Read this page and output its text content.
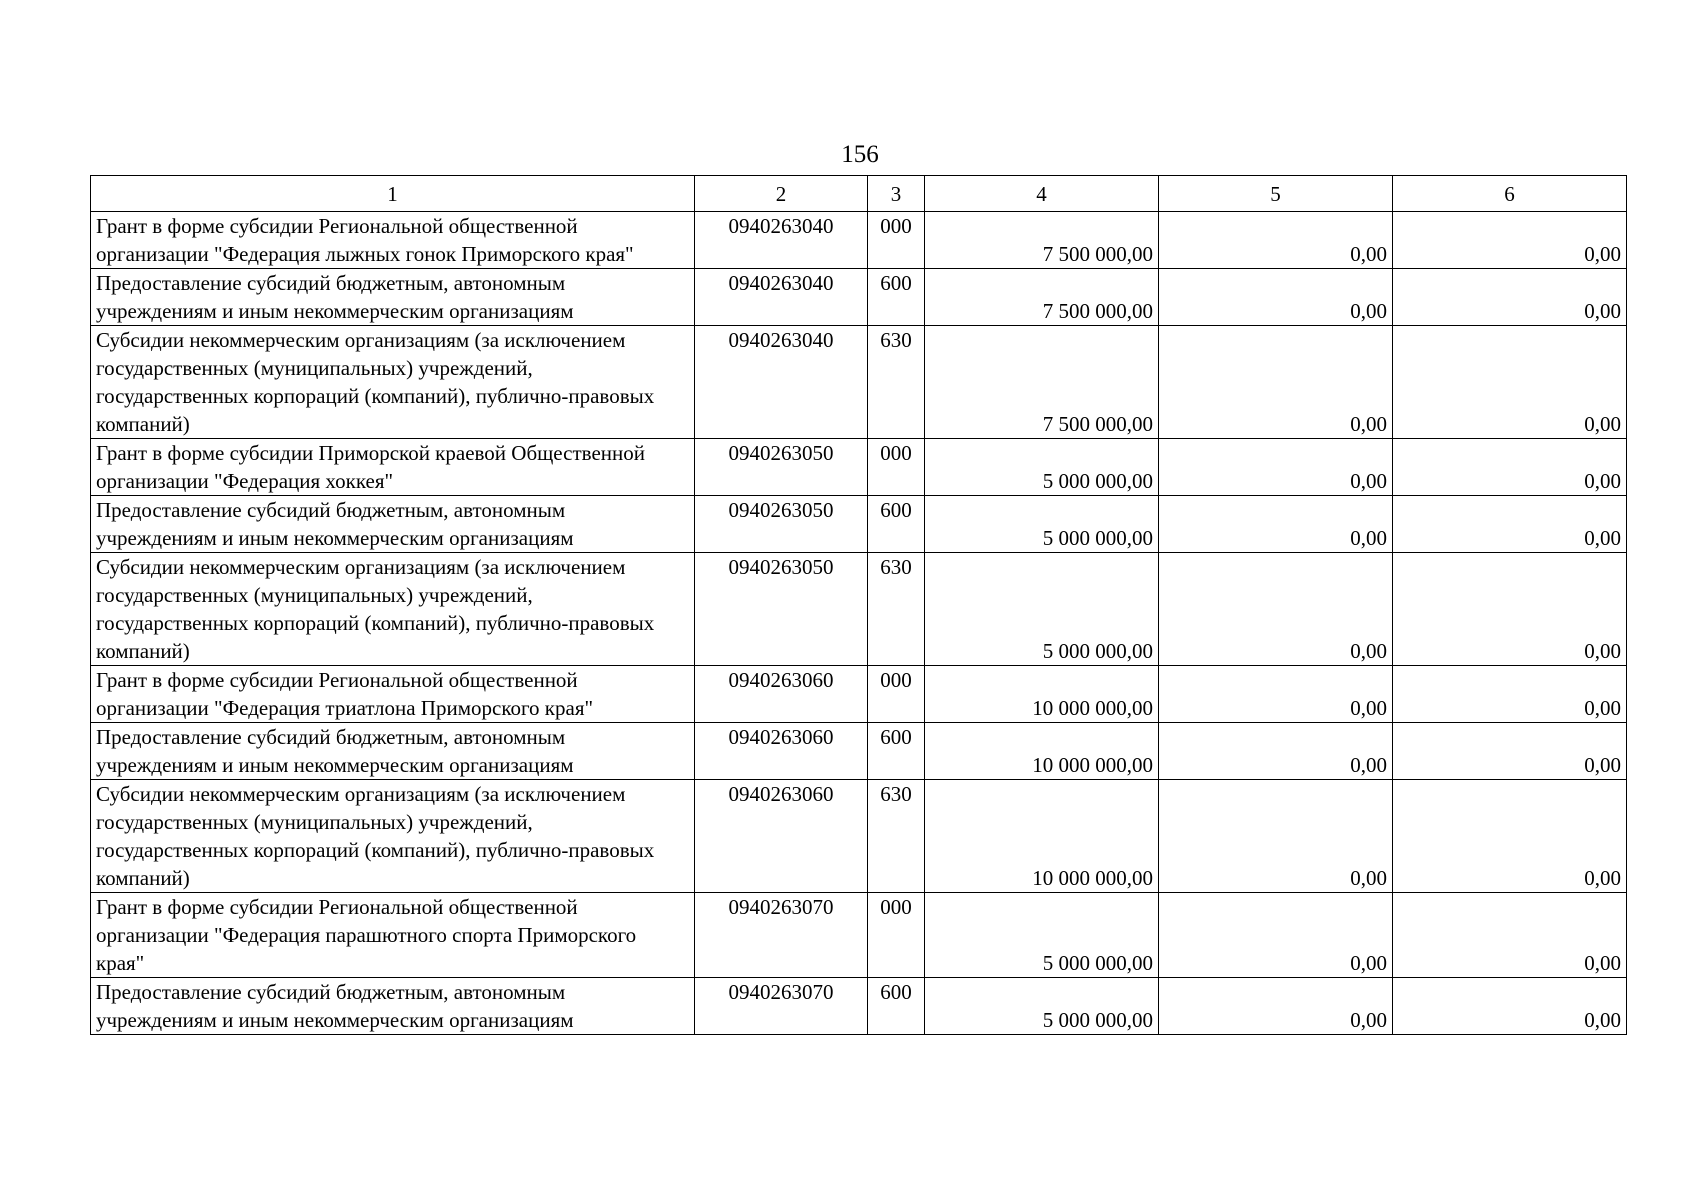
156
1	2	3	4	5	6
Грант в форме субсидии Региональной общественной организации "Федерация лыжных гонок Приморского края"	0940263040	000	7 500 000,00	0,00	0,00
Предоставление субсидий бюджетным, автономным учреждениям и иным некоммерческим организациям	0940263040	600	7 500 000,00	0,00	0,00
Субсидии некоммерческим организациям (за исключением государственных (муниципальных) учреждений, государственных корпораций (компаний), публично-правовых компаний)	0940263040	630	7 500 000,00	0,00	0,00
Грант в форме субсидии Приморской краевой Общественной организации "Федерация хоккея"	0940263050	000	5 000 000,00	0,00	0,00
Предоставление субсидий бюджетным, автономным учреждениям и иным некоммерческим организациям	0940263050	600	5 000 000,00	0,00	0,00
Субсидии некоммерческим организациям (за исключением государственных (муниципальных) учреждений, государственных корпораций (компаний), публично-правовых компаний)	0940263050	630	5 000 000,00	0,00	0,00
Грант в форме субсидии Региональной общественной организации "Федерация триатлона Приморского края"	0940263060	000	10 000 000,00	0,00	0,00
Предоставление субсидий бюджетным, автономным учреждениям и иным некоммерческим организациям	0940263060	600	10 000 000,00	0,00	0,00
Субсидии некоммерческим организациям (за исключением государственных (муниципальных) учреждений, государственных корпораций (компаний), публично-правовых компаний)	0940263060	630	10 000 000,00	0,00	0,00
Грант в форме субсидии Региональной общественной организации "Федерация парашютного спорта Приморского края"	0940263070	000	5 000 000,00	0,00	0,00
Предоставление субсидий бюджетным, автономным учреждениям и иным некоммерческим организациям	0940263070	600	5 000 000,00	0,00	0,00
